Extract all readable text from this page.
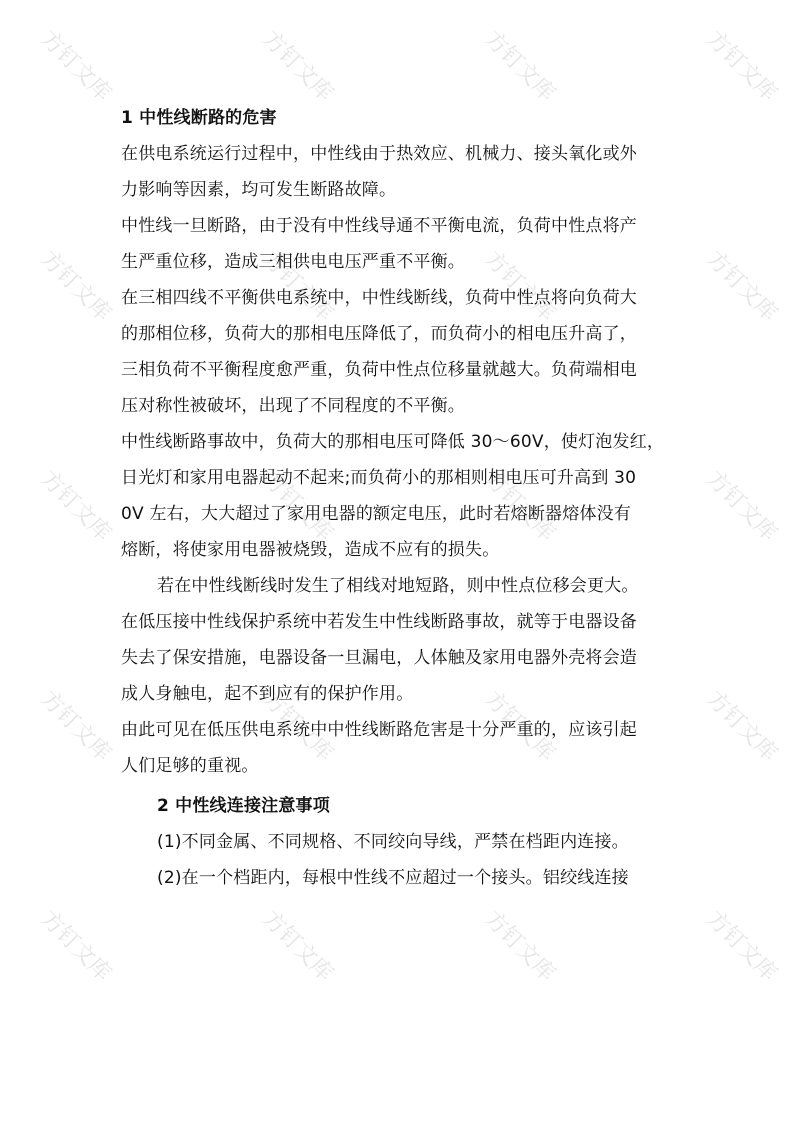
方钉文库	方钉文库	方钉文库	方钉文库
方钉文库	方钉文库	方钉文库	方钉文库
方钉文库	方钉文库	方钉文库	方钉文库
方钉文库	方钉文库	方钉文库	方钉文库
方钉文库	方钉文库	方钉文库	方钉文库
1 中性线断路的危害
在供电系统运行过程中，中性线由于热效应、机械力、接头氧化或外
力影响等因素，均可发生断路故障。
中性线一旦断路，由于没有中性线导通不平衡电流，负荷中性点将产
生严重位移，造成三相供电电压严重不平衡。
在三相四线不平衡供电系统中，中性线断线，负荷中性点将向负荷大
的那相位移，负荷大的那相电压降低了，而负荷小的相电压升高了，
三相负荷不平衡程度愈严重，负荷中性点位移量就越大。负荷端相电
压对称性被破坏，出现了不同程度的不平衡。
中性线断路事故中，负荷大的那相电压可降低 30～60V，使灯泡发红，
日光灯和家用电器起动不起来;而负荷小的那相则相电压可升高到 30
0V 左右，大大超过了家用电器的额定电压，此时若熔断器熔体没有
熔断，将使家用电器被烧毁，造成不应有的损失。
若在中性线断线时发生了相线对地短路，则中性点位移会更大。
在低压接中性线保护系统中若发生中性线断路事故，就等于电器设备
失去了保安措施，电器设备一旦漏电，人体触及家用电器外壳将会造
成人身触电，起不到应有的保护作用。
由此可见在低压供电系统中中性线断路危害是十分严重的，应该引起
人们足够的重视。
2 中性线连接注意事项
(1)不同金属、不同规格、不同绞向导线，严禁在档距内连接。
(2)在一个档距内，每根中性线不应超过一个接头。铝绞线连接
